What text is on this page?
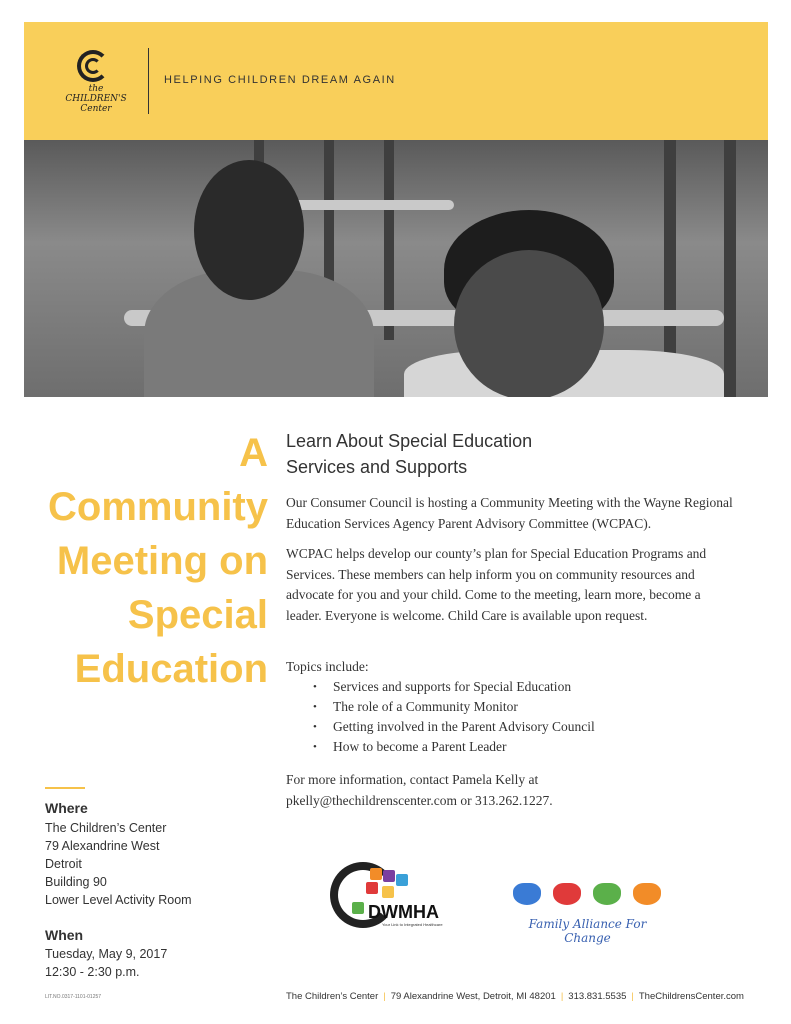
the CHILDREN'S Center
HELPING CHILDREN DREAM AGAIN
A Community
Meeting on
Special
Education
Learn About Special Education
Services and Supports

Our Consumer Council is hosting a Community Meeting with the Wayne Regional Education Services Agency Parent Advisory Committee (WCPAC).

WCPAC helps develop our county’s plan for Special Education Programs and Services. These members can help inform you on community resources and advocate for you and your child. Come to the meeting, learn more, become a leader. Everyone is welcome. Child Care is available upon request.

Topics include:

• Services and supports for Special Education
• The role of a Community Monitor
• Getting involved in the Parent Advisory Council
• How to become a Parent Leader

For more information, contact Pamela Kelly at
pkelly@thechildrenscenter.com or 313.262.1227.

Where

The Children’s Center
79 Alexandrine West
Detroit
Building 90
Lower Level Activity Room

When

Tuesday, May 9, 2017
12:30 - 2:30 p.m.

LIT.NO.0317-1101-01257	The Children’s Center | 79 Alexandrine West, Detroit, MI 48201 | 313.831.5535 | TheChildrensCenter.com
DWMHA
Your Link to Integrated Healthcare	Family Alliance For Change
